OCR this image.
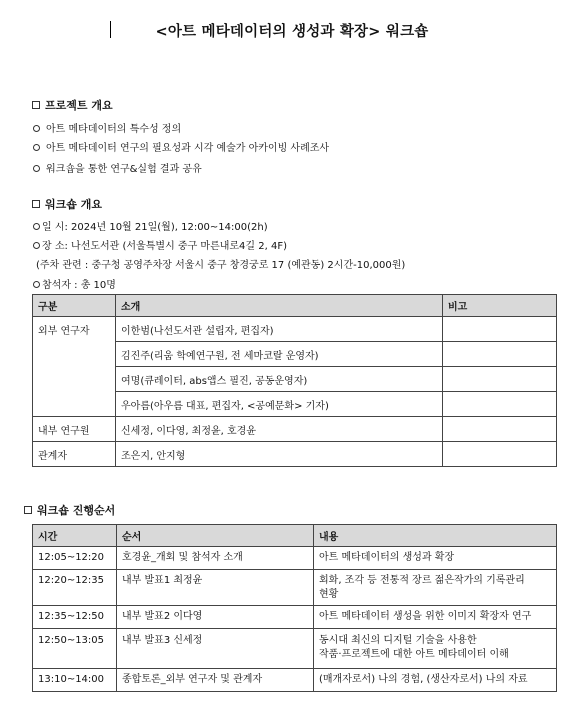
<아트 메타데이터의 생성과 확장> 워크숍
프로젝트 개요
아트 메타데이터의 특수성 정의
아트 메타데이터 연구의 필요성과 시각 예술가 아카이빙 사례조사
워크숍을 통한 연구&실험 결과 공유
워크숍 개요
일 시: 2024년 10월 21일(월), 12:00~14:00(2h)
장 소: 나선도서관 (서울특별시 중구 마른내로4길 2, 4F)
(주차 관련 : 중구청 공영주차장 서울시 중구 창경궁로 17 (예관동) 2시간-10,000원)
참석자 : 총 10명
구분	소개	비고
외부 연구자	이한범(나선도서관 설립자, 편집자)	
	김진주(리움 학예연구원, 전 세마코랄 운영자)	
	여명(큐레이터, abs앱스 필진, 공동운영자)	
	우아름(아우름 대표, 편집자, <공예문화> 기자)	
내부 연구원	신세정, 이다영, 최정윤, 호경윤	
관계자	조은지, 안지형	
워크숍 진행순서
시간	순서	내용
12:05~12:20	호경윤_개회 및 참석자 소개	아트 메타데이터의 생성과 확장
12:20~12:35	내부 발표1 최정윤	회화, 조각 등 전통적 장르 젊은작가의 기록관리
현황
12:35~12:50	내부 발표2 이다영	아트 메타데이터 생성을 위한 이미지 확장자 연구
12:50~13:05	내부 발표3 신세정	동시대 최신의 디지털 기술을 사용한
작품·프로젝트에 대한 아트 메타데이터 이해
13:10~14:00	종합토론_외부 연구자 및 관계자	(매개자로서) 나의 경험, (생산자로서) 나의 자료
